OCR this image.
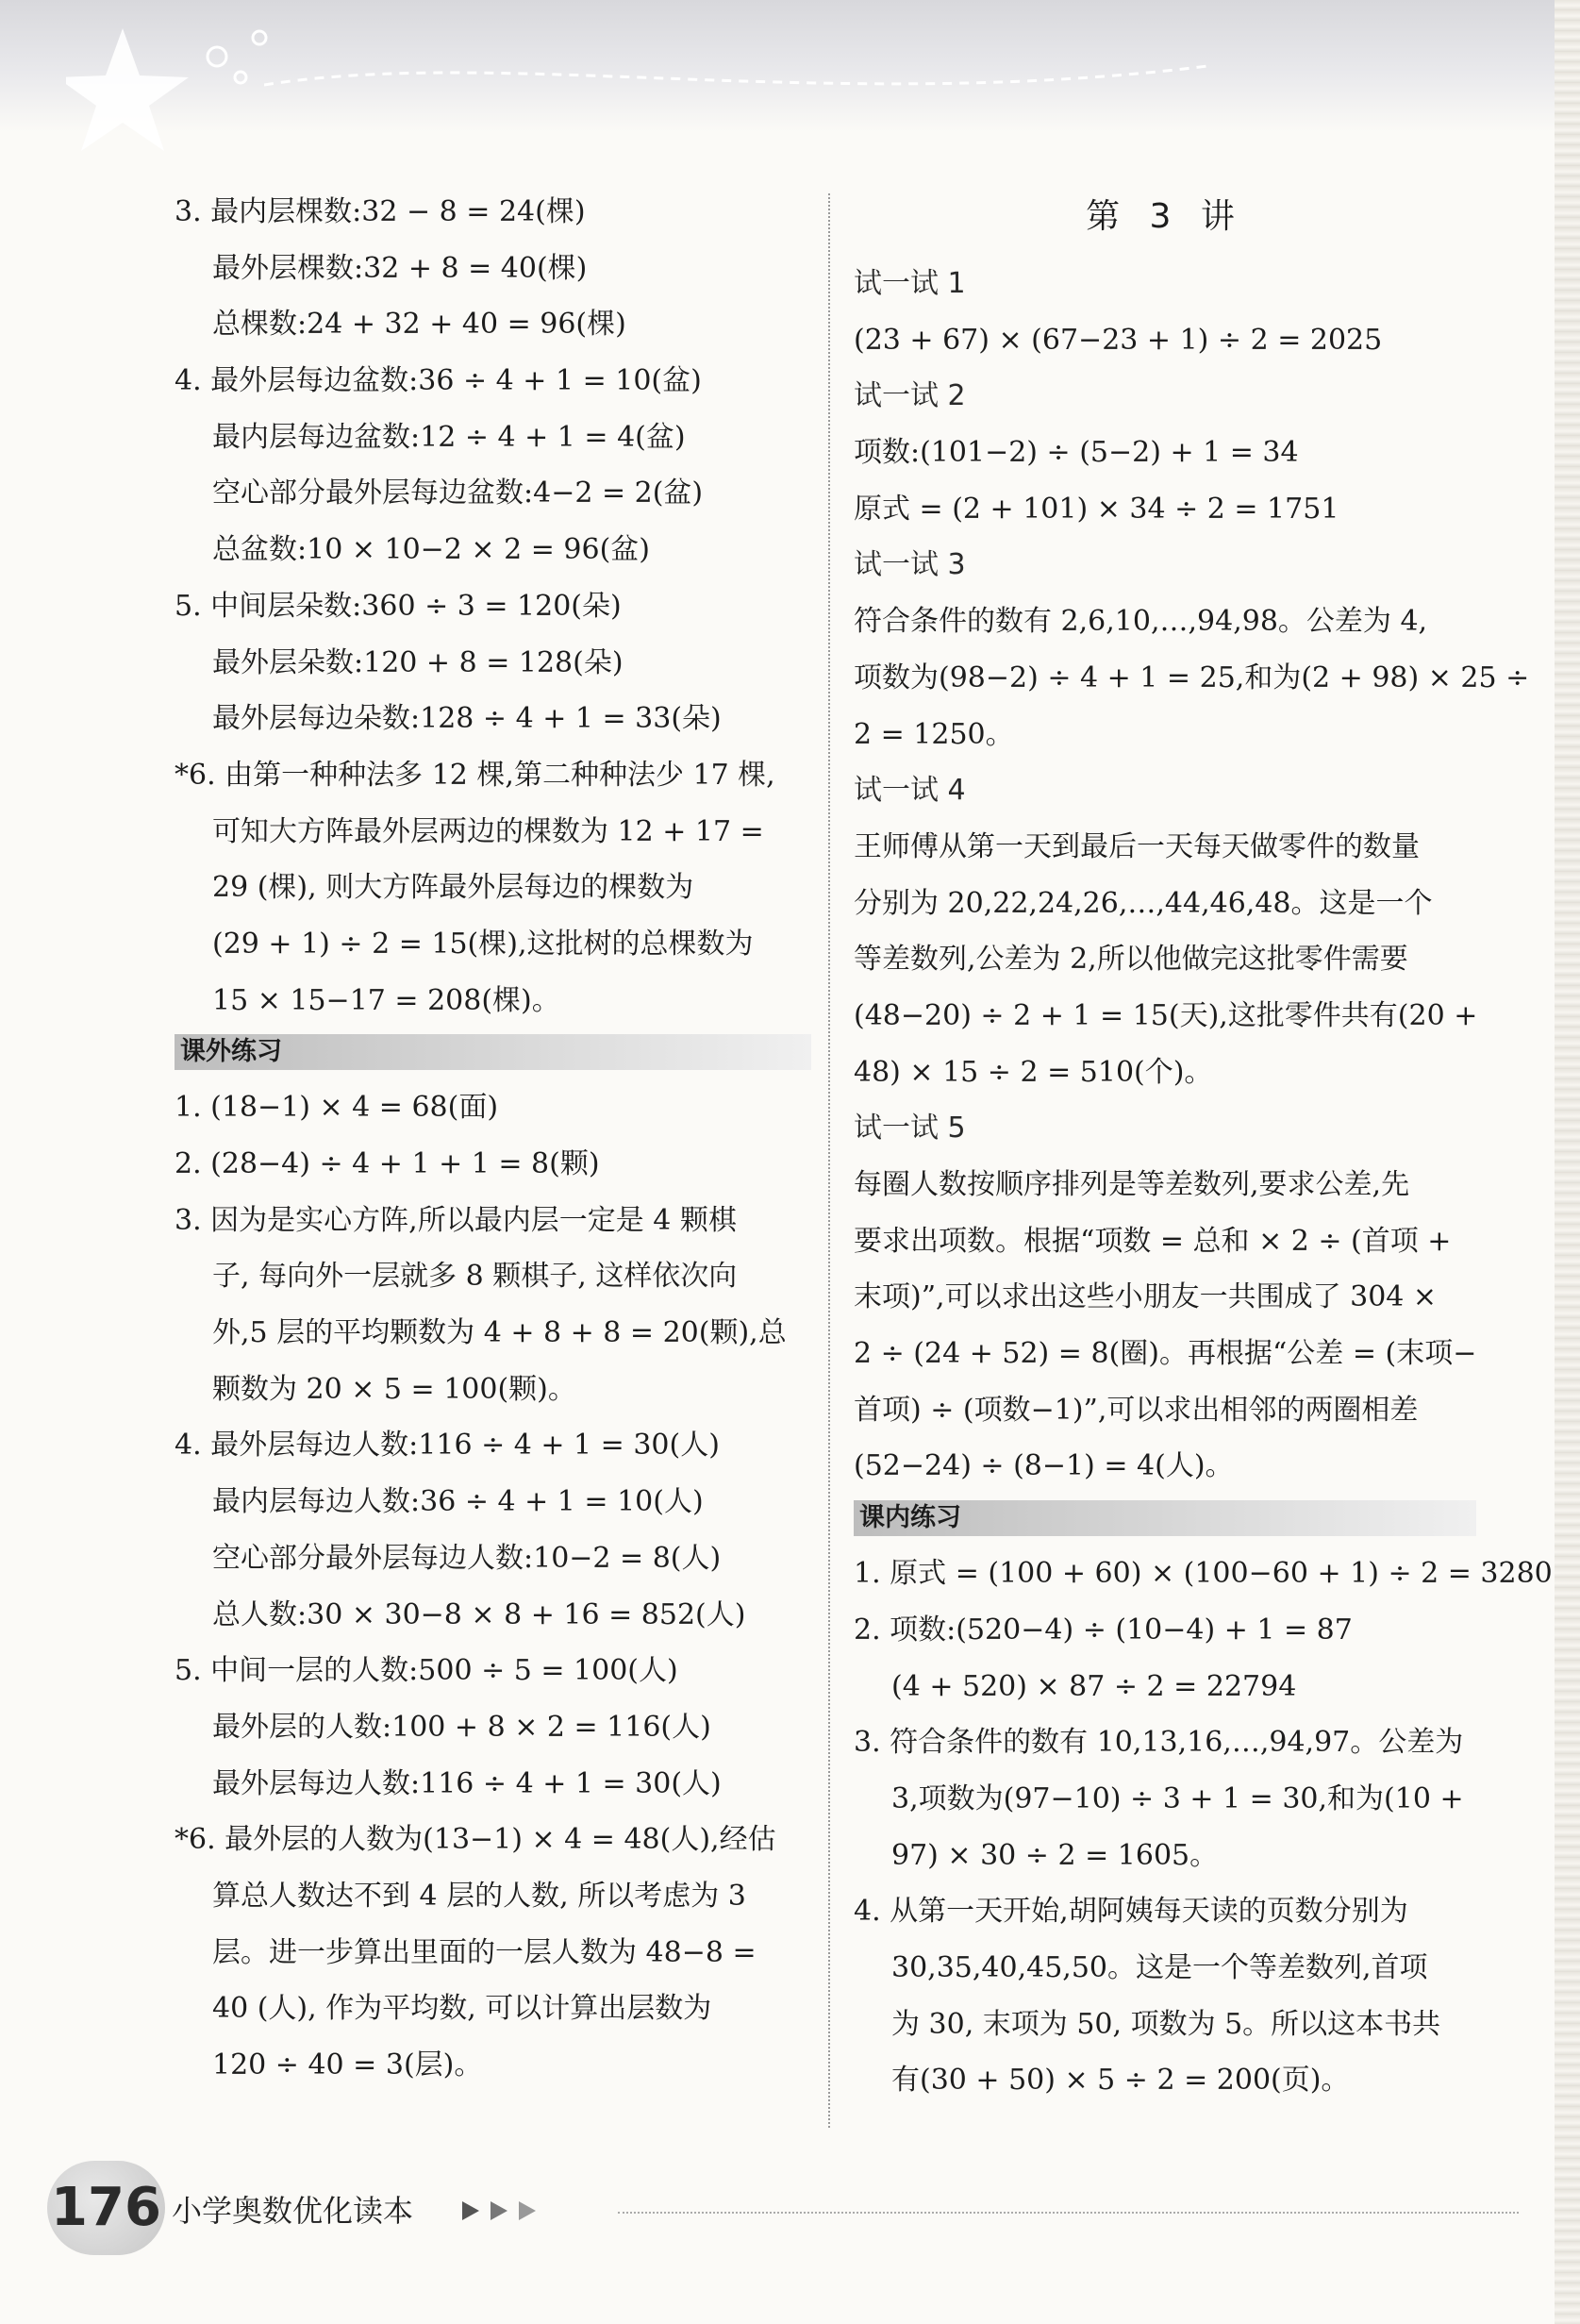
3. 最内层棵数:32 − 8 = 24(棵)
最外层棵数:32 + 8 = 40(棵)
总棵数:24 + 32 + 40 = 96(棵)
4. 最外层每边盆数:36 ÷ 4 + 1 = 10(盆)
最内层每边盆数:12 ÷ 4 + 1 = 4(盆)
空心部分最外层每边盆数:4−2 = 2(盆)
总盆数:10 × 10−2 × 2 = 96(盆)
5. 中间层朵数:360 ÷ 3 = 120(朵)
最外层朵数:120 + 8 = 128(朵)
最外层每边朵数:128 ÷ 4 + 1 = 33(朵)
*6. 由第一种种法多 12 棵,第二种种法少 17 棵,
可知大方阵最外层两边的棵数为 12 + 17 =
29 (棵), 则大方阵最外层每边的棵数为
(29 + 1) ÷ 2 = 15(棵),这批树的总棵数为
15 × 15−17 = 208(棵)。
课外练习
1. (18−1) × 4 = 68(面)
2. (28−4) ÷ 4 + 1 + 1 = 8(颗)
3. 因为是实心方阵,所以最内层一定是 4 颗棋
子, 每向外一层就多 8 颗棋子, 这样依次向
外,5 层的平均颗数为 4 + 8 + 8 = 20(颗),总
颗数为 20 × 5 = 100(颗)。
4. 最外层每边人数:116 ÷ 4 + 1 = 30(人)
最内层每边人数:36 ÷ 4 + 1 = 10(人)
空心部分最外层每边人数:10−2 = 8(人)
总人数:30 × 30−8 × 8 + 16 = 852(人)
5. 中间一层的人数:500 ÷ 5 = 100(人)
最外层的人数:100 + 8 × 2 = 116(人)
最外层每边人数:116 ÷ 4 + 1 = 30(人)
*6. 最外层的人数为(13−1) × 4 = 48(人),经估
算总人数达不到 4 层的人数, 所以考虑为 3
层。进一步算出里面的一层人数为 48−8 =
40 (人), 作为平均数, 可以计算出层数为
120 ÷ 40 = 3(层)。
第 3 讲
试一试 1
(23 + 67) × (67−23 + 1) ÷ 2 = 2025
试一试 2
项数:(101−2) ÷ (5−2) + 1 = 34
原式 = (2 + 101) × 34 ÷ 2 = 1751
试一试 3
符合条件的数有 2,6,10,…,94,98。公差为 4,
项数为(98−2) ÷ 4 + 1 = 25,和为(2 + 98) × 25 ÷
2 = 1250。
试一试 4
王师傅从第一天到最后一天每天做零件的数量
分别为 20,22,24,26,…,44,46,48。这是一个
等差数列,公差为 2,所以他做完这批零件需要
(48−20) ÷ 2 + 1 = 15(天),这批零件共有(20 +
48) × 15 ÷ 2 = 510(个)。
试一试 5
每圈人数按顺序排列是等差数列,要求公差,先
要求出项数。根据“项数 = 总和 × 2 ÷ (首项 +
末项)”,可以求出这些小朋友一共围成了 304 ×
2 ÷ (24 + 52) = 8(圈)。再根据“公差 = (末项−
首项) ÷ (项数−1)”,可以求出相邻的两圈相差
(52−24) ÷ (8−1) = 4(人)。
课内练习
1. 原式 = (100 + 60) × (100−60 + 1) ÷ 2 = 3280
2. 项数:(520−4) ÷ (10−4) + 1 = 87
(4 + 520) × 87 ÷ 2 = 22794
3. 符合条件的数有 10,13,16,…,94,97。公差为
3,项数为(97−10) ÷ 3 + 1 = 30,和为(10 +
97) × 30 ÷ 2 = 1605。
4. 从第一天开始,胡阿姨每天读的页数分别为
30,35,40,45,50。这是一个等差数列,首项
为 30, 末项为 50, 项数为 5。所以这本书共
有(30 + 50) × 5 ÷ 2 = 200(页)。
176 小学奥数优化读本
